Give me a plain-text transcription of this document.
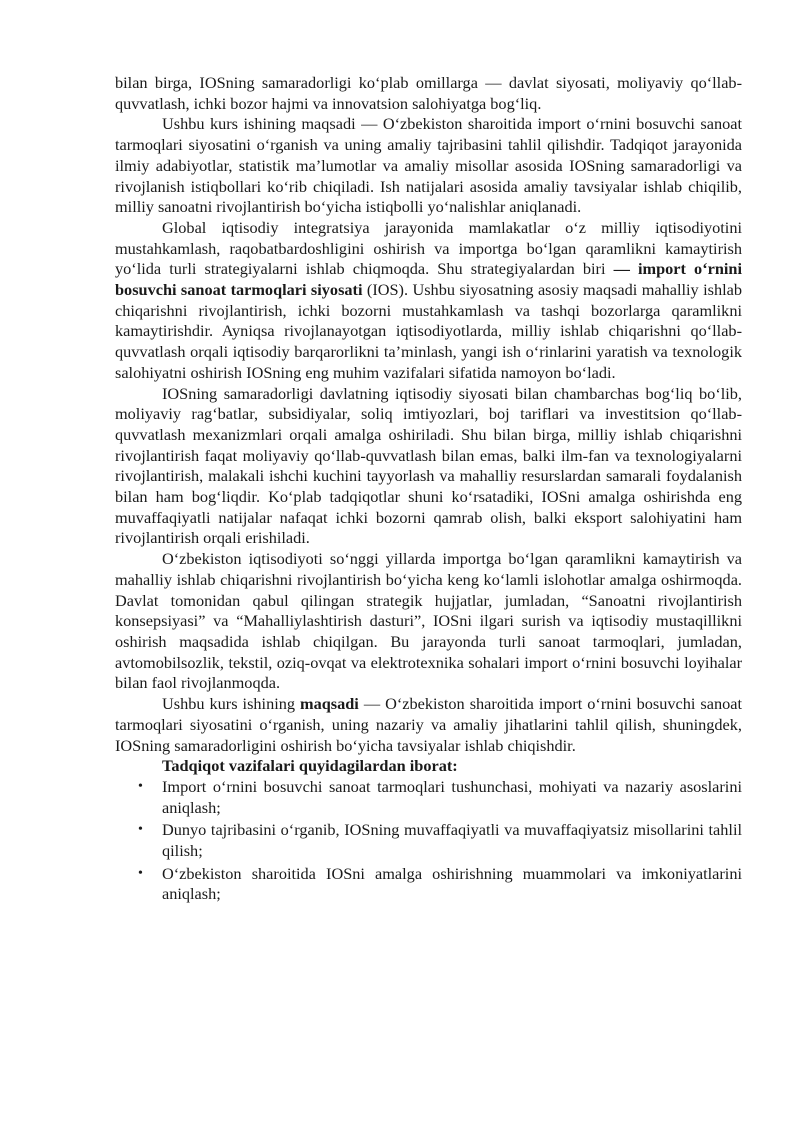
bilan birga, IOSning samaradorligi koʻplab omillarga — davlat siyosati, moliyaviy qoʻllab-quvvatlash, ichki bozor hajmi va innovatsion salohiyatga bogʻliq.

Ushbu kurs ishining maqsadi — Oʻzbekiston sharoitida import oʻrnini bosuvchi sanoat tarmoqlari siyosatini oʻrganish va uning amaliy tajribasini tahlil qilishdir. Tadqiqot jarayonida ilmiy adabiyotlar, statistik maʼlumotlar va amaliy misollar asosida IOSning samaradorligi va rivojlanish istiqbollari koʻrib chiqiladi. Ish natijalari asosida amaliy tavsiyalar ishlab chiqilib, milliy sanoatni rivojlantirish boʻyicha istiqbolli yoʻnalishlar aniqlanadi.

Global iqtisodiy integratsiya jarayonida mamlakatlar oʻz milliy iqtisodiyotini mustahkamlash, raqobatbardoshligini oshirish va importga boʻlgan qaramlikni kamaytirish yoʻlida turli strategiyalarni ishlab chiqmoqda. Shu strategiyalardan biri — import oʻrnini bosuvchi sanoat tarmoqlari siyosati (IOS). Ushbu siyosatning asosiy maqsadi mahalliy ishlab chiqarishni rivojlantirish, ichki bozorni mustahkamlash va tashqi bozorlarga qaramlikni kamaytirishdir. Ayniqsa rivojlanayotgan iqtisodiyotlarda, milliy ishlab chiqarishni qoʻllab-quvvatlash orqali iqtisodiy barqarorlikni taʼminlash, yangi ish oʻrinlarini yaratish va texnologik salohiyatni oshirish IOSning eng muhim vazifalari sifatida namoyon boʻladi.

IOSning samaradorligi davlatning iqtisodiy siyosati bilan chambarchas bogʻliq boʻlib, moliyaviy ragʻbatlar, subsidiyalar, soliq imtiyozlari, boj tariflari va investitsion qoʻllab-quvvatlash mexanizmlari orqali amalga oshiriladi. Shu bilan birga, milliy ishlab chiqarishni rivojlantirish faqat moliyaviy qoʻllab-quvvatlash bilan emas, balki ilm-fan va texnologiyalarni rivojlantirish, malakali ishchi kuchini tayyorlash va mahalliy resurslardan samarali foydalanish bilan ham bogʻliqdir. Koʻplab tadqiqotlar shuni koʻrsatadiki, IOSni amalga oshirishda eng muvaffaqiyatli natijalar nafaqat ichki bozorni qamrab olish, balki eksport salohiyatini ham rivojlantirish orqali erishiladi.

Oʻzbekiston iqtisodiyoti soʻnggi yillarda importga boʻlgan qaramlikni kamaytirish va mahalliy ishlab chiqarishni rivojlantirish boʻyicha keng koʻlamli islohotlar amalga oshirmoqda. Davlat tomonidan qabul qilingan strategik hujjatlar, jumladan, “Sanoatni rivojlantirish konsepsiyasi” va “Mahalliylashtirish dasturi”, IOSni ilgari surish va iqtisodiy mustaqillikni oshirish maqsadida ishlab chiqilgan. Bu jarayonda turli sanoat tarmoqlari, jumladan, avtomobilsozlik, tekstil, oziq-ovqat va elektrotexnika sohalari import oʻrnini bosuvchi loyihalar bilan faol rivojlanmoqda.

Ushbu kurs ishining maqsadi — Oʻzbekiston sharoitida import oʻrnini bosuvchi sanoat tarmoqlari siyosatini oʻrganish, uning nazariy va amaliy jihatlarini tahlil qilish, shuningdek, IOSning samaradorligini oshirish boʻyicha tavsiyalar ishlab chiqishdir.

Tadqiqot vazifalari quyidagilardan iborat:

• Import oʻrnini bosuvchi sanoat tarmoqlari tushunchasi, mohiyati va nazariy asoslarini aniqlash;
• Dunyo tajribasini oʻrganib, IOSning muvaffaqiyatli va muvaffaqiyatsiz misollarini tahlil qilish;
• Oʻzbekiston sharoitida IOSni amalga oshirishning muammolari va imkoniyatlarini aniqlash;
